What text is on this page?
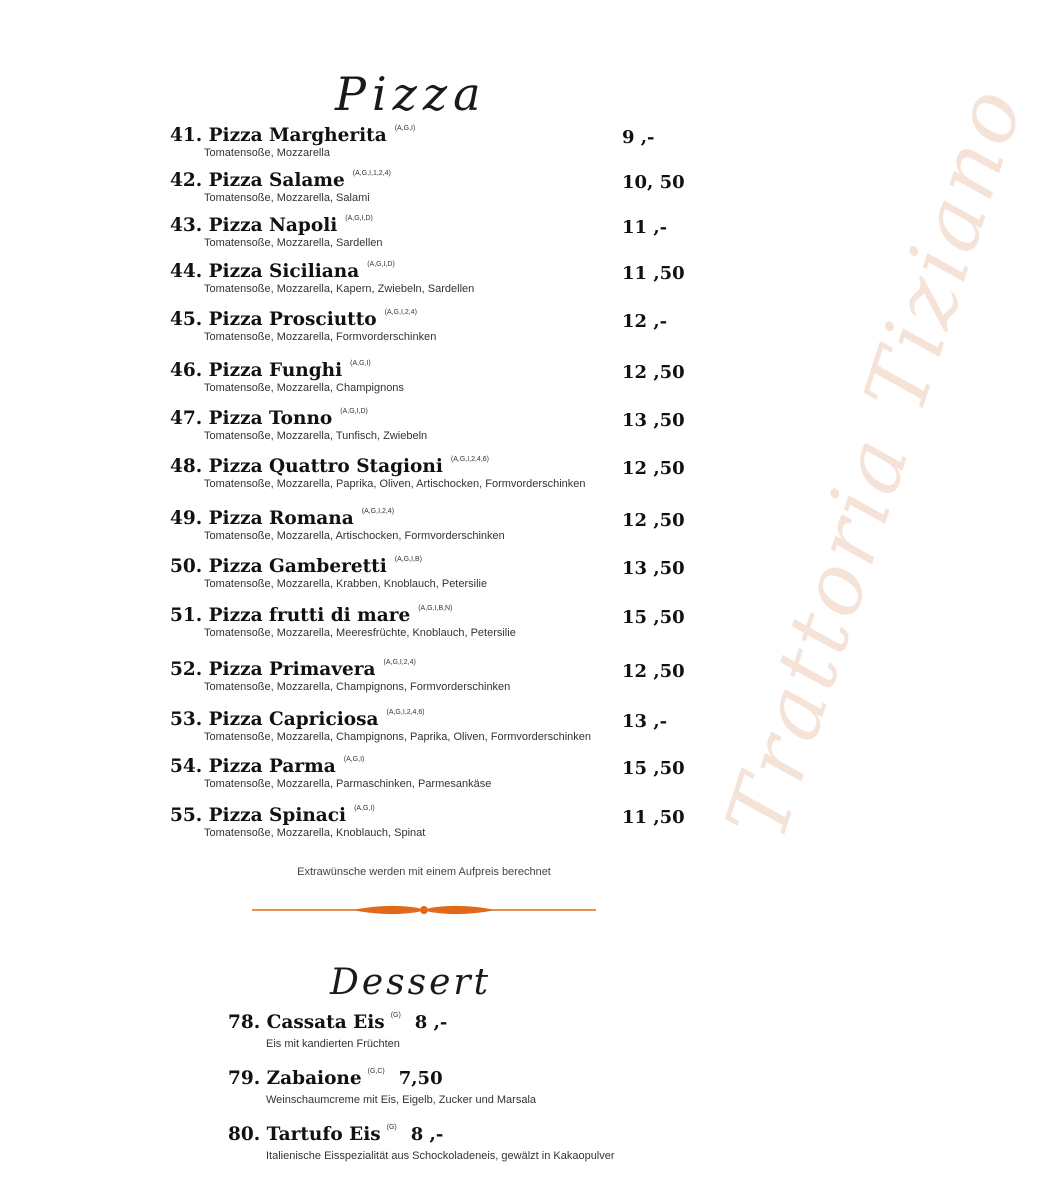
Trattoria Tiziano
Pizza
41. Pizza Margherita $^{(A,G,I)}$
Tomatensoße, Mozzarella
9 ,-
42. Pizza Salame $^{(A,G,I,1,2,4)}$
Tomatensoße, Mozzarella, Salami
10, 50
43. Pizza Napoli $^{(A,G,I,D)}$
Tomatensoße, Mozzarella, Sardellen
11 ,-
44. Pizza Siciliana $^{(A,G,I,D)}$
Tomatensoße, Mozzarella, Kapern, Zwiebeln, Sardellen
11 ,50
45. Pizza Prosciutto $^{(A,G,I,2,4)}$
Tomatensoße, Mozzarella, Formvorderschinken
12 ,-
46. Pizza Funghi $^{(A,G,I)}$
Tomatensoße, Mozzarella, Champignons
12 ,50
47. Pizza Tonno $^{(A,G,I,D)}$
Tomatensoße, Mozzarella, Tunfisch, Zwiebeln
13 ,50
48. Pizza Quattro Stagioni $^{(A,G,I,2,4,6)}$
Tomatensoße, Mozzarella, Paprika, Oliven, Artischocken, Formvorderschinken
12 ,50
49. Pizza Romana $^{(A,G,I,2,4)}$
Tomatensoße, Mozzarella, Artischocken, Formvorderschinken
12 ,50
50. Pizza Gamberetti $^{(A,G,I,B)}$
Tomatensoße, Mozzarella, Krabben, Knoblauch, Petersilie
13 ,50
51. Pizza frutti di mare $^{(A,G,I,B,N)}$
Tomatensoße, Mozzarella, Meeresfrüchte, Knoblauch, Petersilie
15 ,50
52. Pizza Primavera $^{(A,G,I,2,4)}$
Tomatensoße, Mozzarella, Champignons, Formvorderschinken
12 ,50
53. Pizza Capriciosa $^{(A,G,I,2,4,6)}$
Tomatensoße, Mozzarella, Champignons, Paprika, Oliven, Formvorderschinken
13 ,-
54. Pizza Parma $^{(A,G,I)}$
Tomatensoße, Mozzarella, Parmaschinken, Parmesankäse
15 ,50
55. Pizza Spinaci $^{(A,G,I)}$
Tomatensoße, Mozzarella, Knoblauch, Spinat
11 ,50
Extrawünsche werden mit einem Aufpreis berechnet
Dessert
78. Cassata Eis $^{(G)}$ 8 ,-
Eis mit kandierten Früchten
79. Zabaione $^{(G,C)}$ 7,50
Weinschaumcreme mit Eis, Eigelb, Zucker und Marsala
80. Tartufo Eis $^{(G)}$ 8 ,-
Italienische Eisspezialität aus Schockoladeneis, gewälzt in Kakaopulver
